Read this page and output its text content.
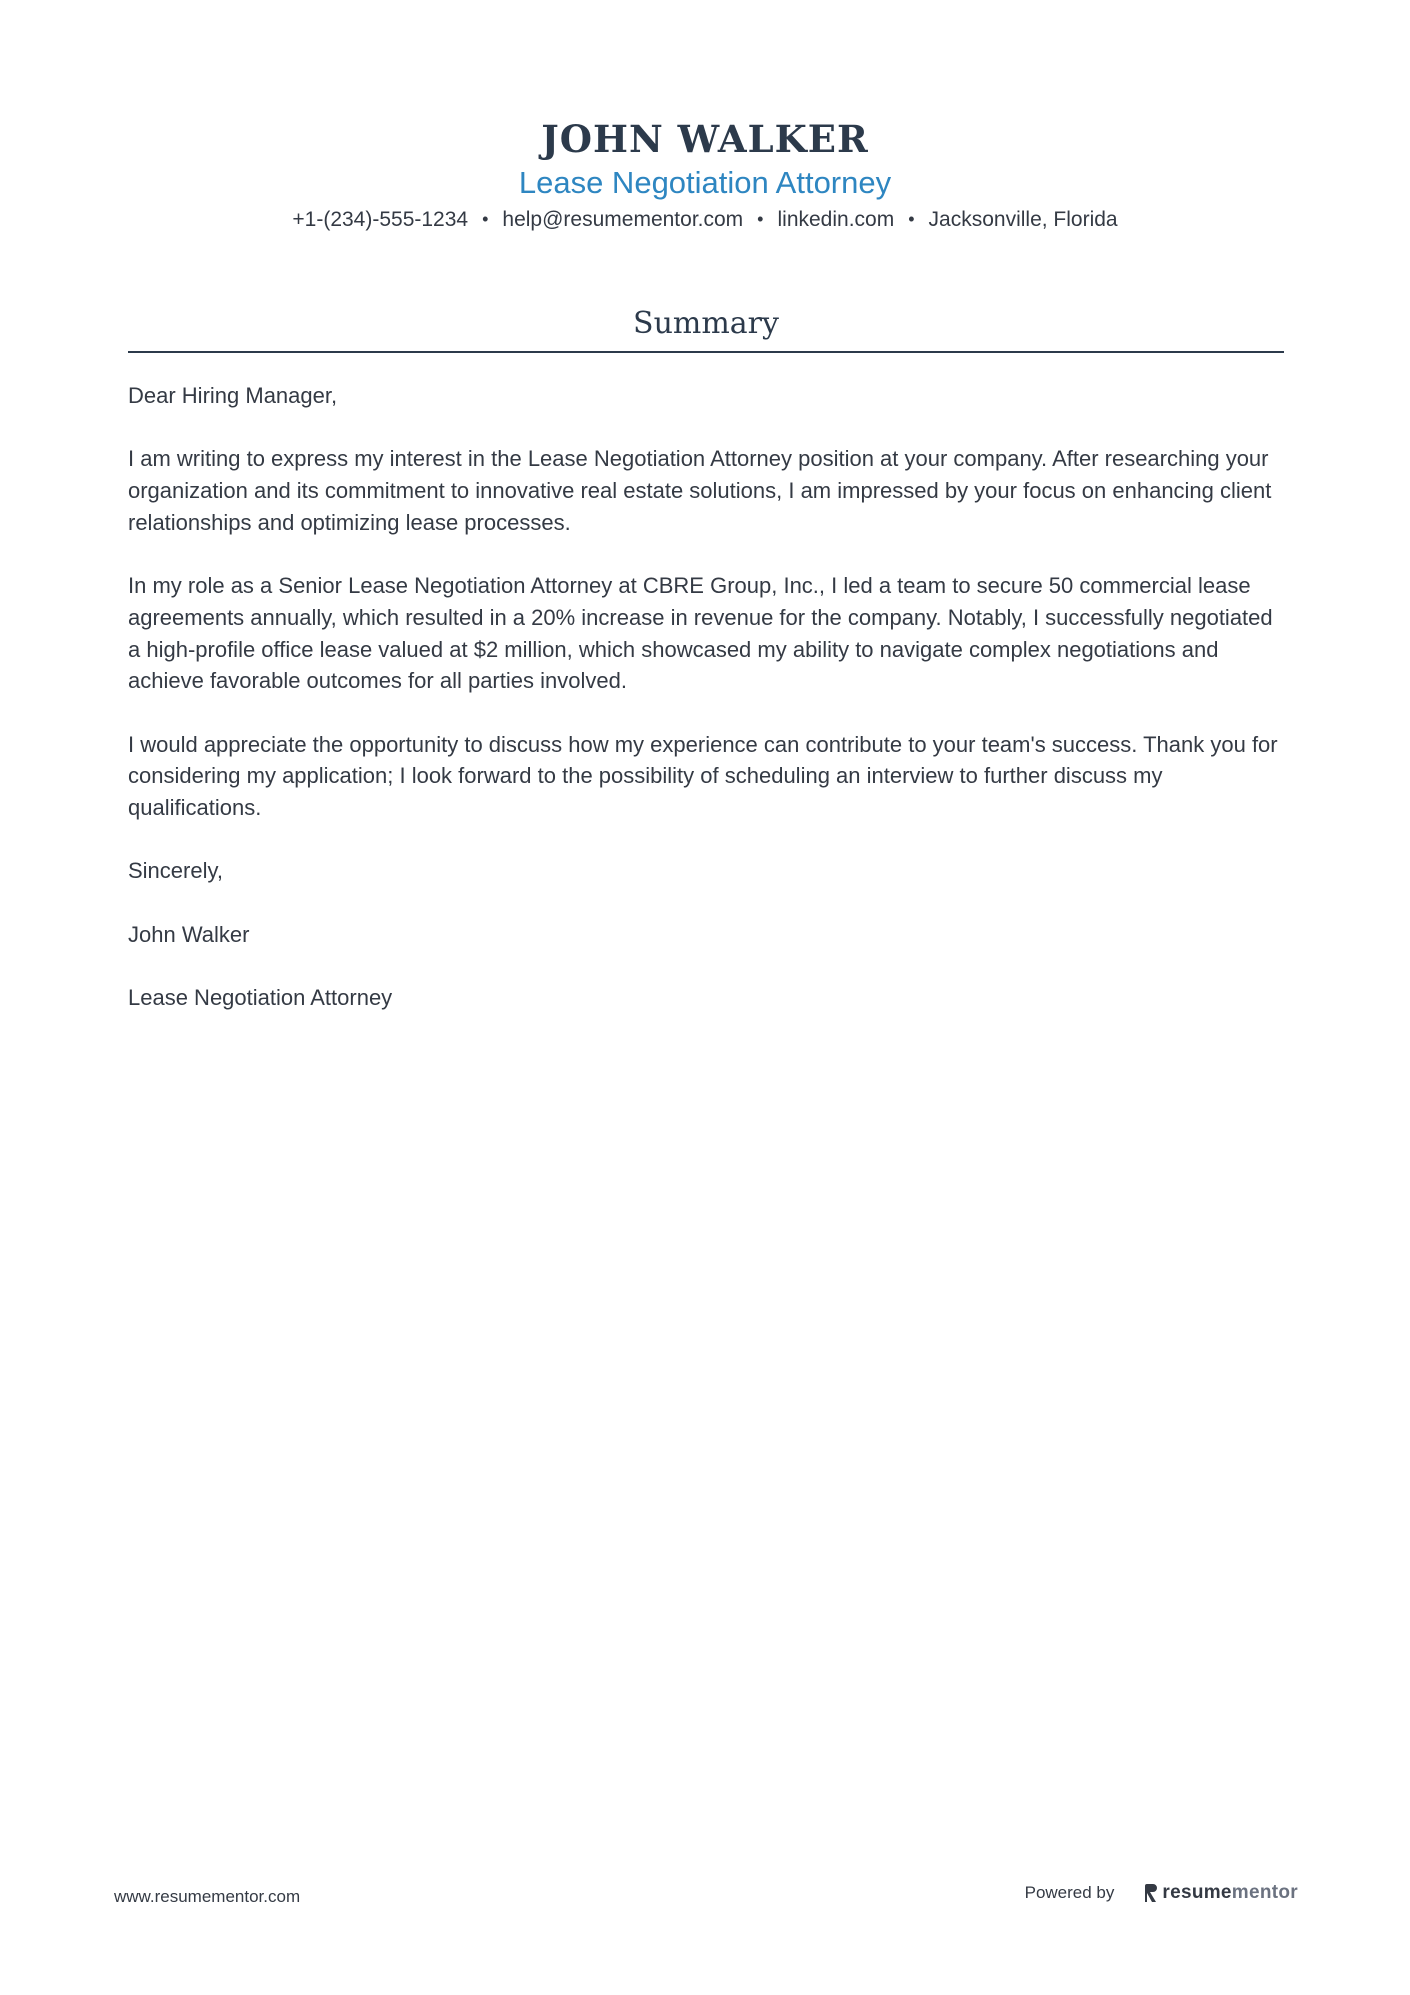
JOHN WALKER
Lease Negotiation Attorney
+1-(234)-555-1234 • help@resumementor.com • linkedin.com • Jacksonville, Florida
Summary

Dear Hiring Manager,

I am writing to express my interest in the Lease Negotiation Attorney position at your company. After researching your organization and its commitment to innovative real estate solutions, I am impressed by your focus on enhancing client relationships and optimizing lease processes.

In my role as a Senior Lease Negotiation Attorney at CBRE Group, Inc., I led a team to secure 50 commercial lease agreements annually, which resulted in a 20% increase in revenue for the company. Notably, I successfully negotiated a high-profile office lease valued at $2 million, which showcased my ability to navigate complex negotiations and achieve favorable outcomes for all parties involved.

I would appreciate the opportunity to discuss how my experience can contribute to your team's success. Thank you for considering my application; I look forward to the possibility of scheduling an interview to further discuss my qualifications.

Sincerely,

John Walker

Lease Negotiation Attorney

www.resumementor.com	Powered by	resume mentor
